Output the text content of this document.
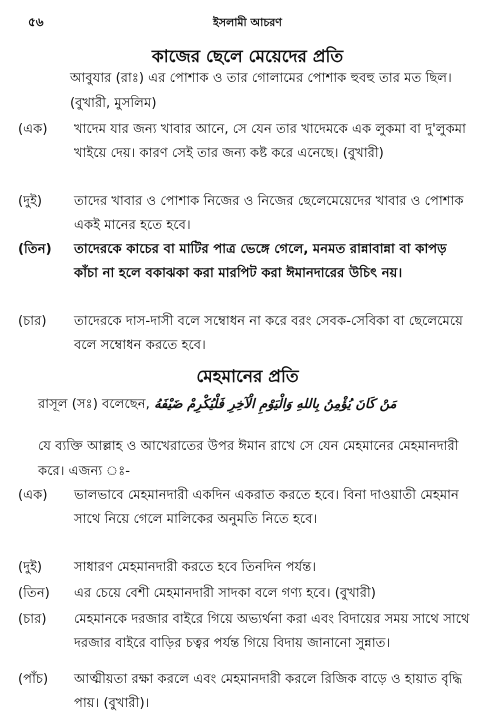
৫৬	ইসলামী আচরণ
কাজের ছেলে মেয়েদের প্রতি
আবুযার (রাঃ) এর পোশাক ও তার গোলামের পোশাক হুবহু তার মত ছিল। (বুখারী, মুসলিম)
(এক)	খাদেম যার জন্য খাবার আনে, সে যেন তার খাদেমকে এক লুকমা বা দু'লুকমা খাইয়ে দেয়। কারণ সেই তার জন্য কষ্ট করে এনেছে। (বুখারী)
(দুই)	তাদের খাবার ও পোশাক নিজের ও নিজের ছেলেমেয়েদের খাবার ও পোশাক একই মানের হতে হবে।
(তিন)	তাদেরকে কাচের বা মাটির পাত্র ভেঙ্গে গেলে, মনমত রান্নাবান্না বা কাপড় কাঁচা না হলে বকাঝকা করা মারপিট করা ঈমানদারের উচিৎ নয়।
(চার)	তাদেরকে দাস-দাসী বলে সম্বোধন না করে বরং সেবক-সেবিকা বা ছেলেমেয়ে বলে সম্বোধন করতে হবে।
মেহমানের প্রতি
রাসূল (সঃ) বলেছেন, مَنْ كَانَ يُؤْمِنُ بِاللهِ وَالْيَوْمِ الْآخِرِ فَلْيُكْرِمْ ضَيْفَهُ
যে ব্যক্তি আল্লাহ ও আখেরাতের উপর ঈমান রাখে সে যেন মেহমানের মেহমানদারী করে। এজন্য ঃ-
(এক)	ভালভাবে মেহমানদারী একদিন একরাত করতে হবে। বিনা দাওয়াতী মেহমান সাথে নিয়ে গেলে মালিকের অনুমতি নিতে হবে।
(দুই)	সাধারণ মেহমানদারী করতে হবে তিনদিন পর্যন্ত।
(তিন)	এর চেয়ে বেশী মেহমানদারী সাদকা বলে গণ্য হবে। (বুখারী)
(চার)	মেহমানকে দরজার বাইরে গিয়ে অভ্যর্থনা করা এবং বিদায়ের সময় সাথে সাথে দরজার বাইরে বাড়ির চত্বর পর্যন্ত গিয়ে বিদায় জানানো সুন্নাত।
(পাঁচ)	আত্মীয়তা রক্ষা করলে এবং মেহমানদারী করলে রিজিক বাড়ে ও হায়াত বৃদ্ধি পায়। (বুখারী)।
